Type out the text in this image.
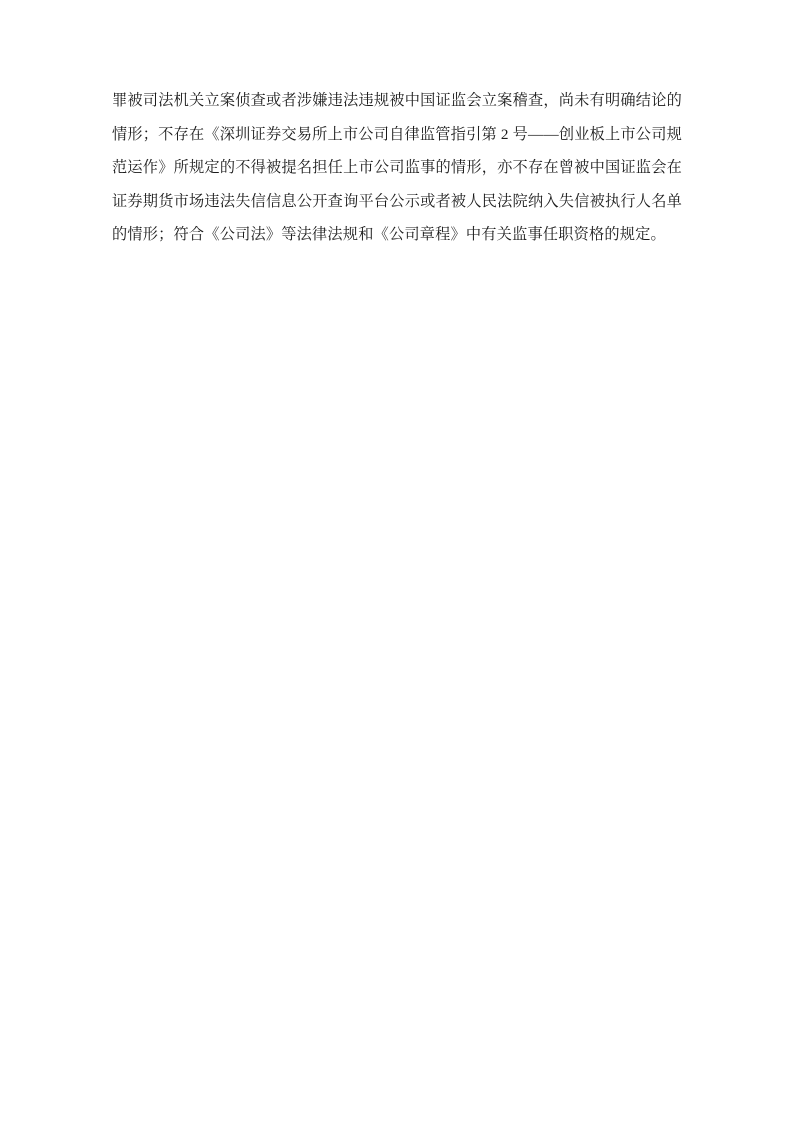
罪被司法机关立案侦查或者涉嫌违法违规被中国证监会立案稽查，尚未有明确结论的情形；不存在《深圳证券交易所上市公司自律监管指引第 2 号——创业板上市公司规范运作》所规定的不得被提名担任上市公司监事的情形，亦不存在曾被中国证监会在证券期货市场违法失信信息公开查询平台公示或者被人民法院纳入失信被执行人名单的情形；符合《公司法》等法律法规和《公司章程》中有关监事任职资格的规定。
